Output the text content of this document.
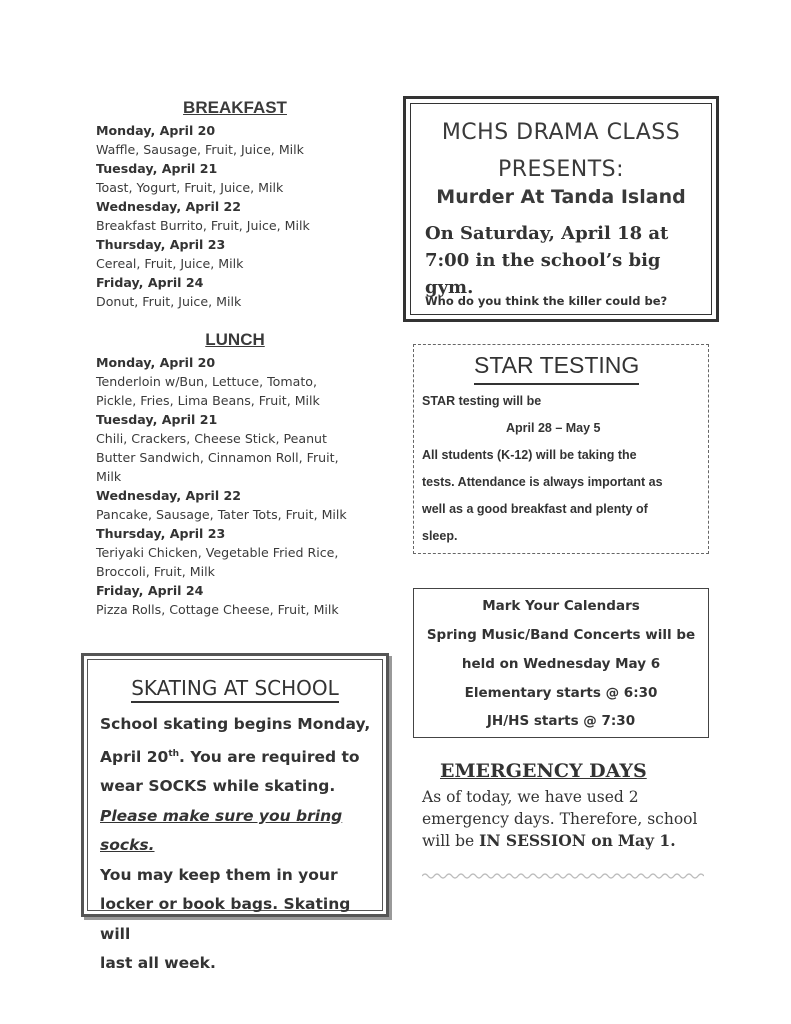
BREAKFAST
Monday, April 20
Waffle, Sausage, Fruit, Juice, Milk
Tuesday, April 21
Toast, Yogurt, Fruit, Juice, Milk
Wednesday, April 22
Breakfast Burrito, Fruit, Juice, Milk
Thursday, April 23
Cereal, Fruit, Juice, Milk
Friday, April 24
Donut, Fruit, Juice, Milk
LUNCH
Monday, April 20
Tenderloin w/Bun, Lettuce, Tomato,
Pickle, Fries, Lima Beans, Fruit, Milk
Tuesday, April 21
Chili, Crackers, Cheese Stick, Peanut
Butter Sandwich, Cinnamon Roll, Fruit,
Milk
Wednesday, April 22
Pancake, Sausage, Tater Tots, Fruit, Milk
Thursday, April 23
Teriyaki Chicken, Vegetable Fried Rice,
Broccoli, Fruit, Milk
Friday, April 24
Pizza Rolls, Cottage Cheese, Fruit, Milk
MCHS DRAMA CLASS
PRESENTS:
Murder At Tanda Island
On Saturday, April 18 at 7:00 in the school’s big gym.
Who do you think the killer could be?
STAR TESTING
STAR testing will be
April 28 – May 5
All students (K-12) will be taking the
tests. Attendance is always important as
well as a good breakfast and plenty of
sleep.
Mark Your Calendars
Spring Music/Band Concerts will be
held on Wednesday May 6
Elementary starts @ 6:30
JH/HS starts @ 7:30
EMERGENCY DAYS
As of today, we have used 2 emergency days. Therefore, school will be IN SESSION on May 1.
SKATING AT SCHOOL
School skating begins Monday,
April 20th. You are required to
wear SOCKS while skating.
Please make sure you bring socks.
You may keep them in your
locker or book bags. Skating will
last all week.
